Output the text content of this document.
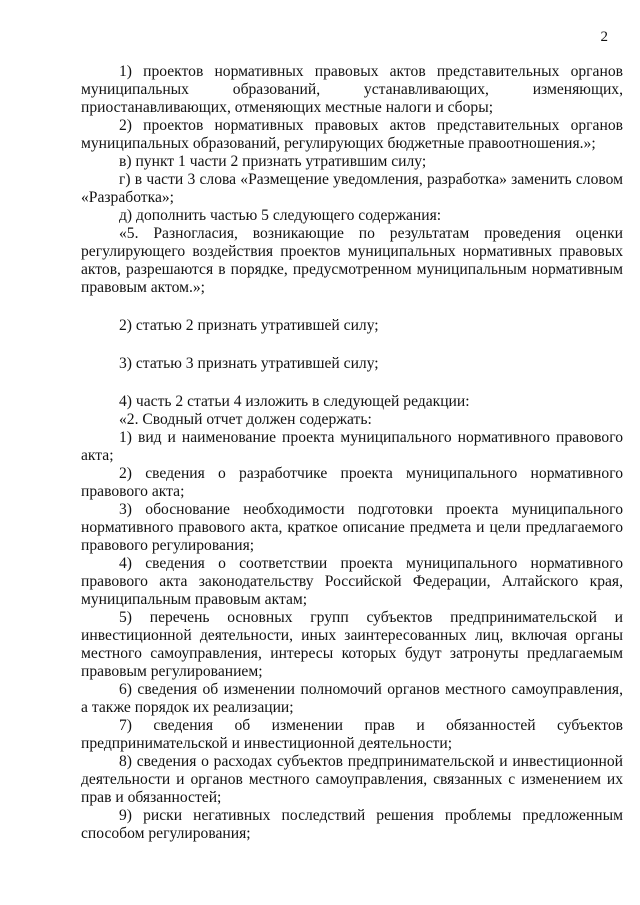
2

1) проектов нормативных правовых актов представительных органов муниципальных образований, устанавливающих, изменяющих, приостанавливающих, отменяющих местные налоги и сборы;

2) проектов нормативных правовых актов представительных органов муниципальных образований, регулирующих бюджетные правоотношения.»;

в) пункт 1 части 2 признать утратившим силу;

г) в части 3 слова «Размещение уведомления, разработка» заменить словом «Разработка»;

д) дополнить частью 5 следующего содержания:

«5. Разногласия, возникающие по результатам проведения оценки регулирующего воздействия проектов муниципальных нормативных правовых актов, разрешаются в порядке, предусмотренном муниципальным нормативным правовым актом.»;

2) статью 2 признать утратившей силу;

3) статью 3 признать утратившей силу;

4) часть 2 статьи 4 изложить в следующей редакции:

«2. Сводный отчет должен содержать:

1) вид и наименование проекта муниципального нормативного правового акта;

2) сведения о разработчике проекта муниципального нормативного правового акта;

3) обоснование необходимости подготовки проекта муниципального нормативного правового акта, краткое описание предмета и цели предлагаемого правового регулирования;

4) сведения о соответствии проекта муниципального нормативного правового акта законодательству Российской Федерации, Алтайского края, муниципальным правовым актам;

5) перечень основных групп субъектов предпринимательской и инвестиционной деятельности, иных заинтересованных лиц, включая органы местного самоуправления, интересы которых будут затронуты предлагаемым правовым регулированием;

6) сведения об изменении полномочий органов местного самоуправления, а также порядок их реализации;

7) сведения об изменении прав и обязанностей субъектов предпринимательской и инвестиционной деятельности;

8) сведения о расходах субъектов предпринимательской и инвестиционной деятельности и органов местного самоуправления, связанных с изменением их прав и обязанностей;

9) риски негативных последствий решения проблемы предложенным способом регулирования;
